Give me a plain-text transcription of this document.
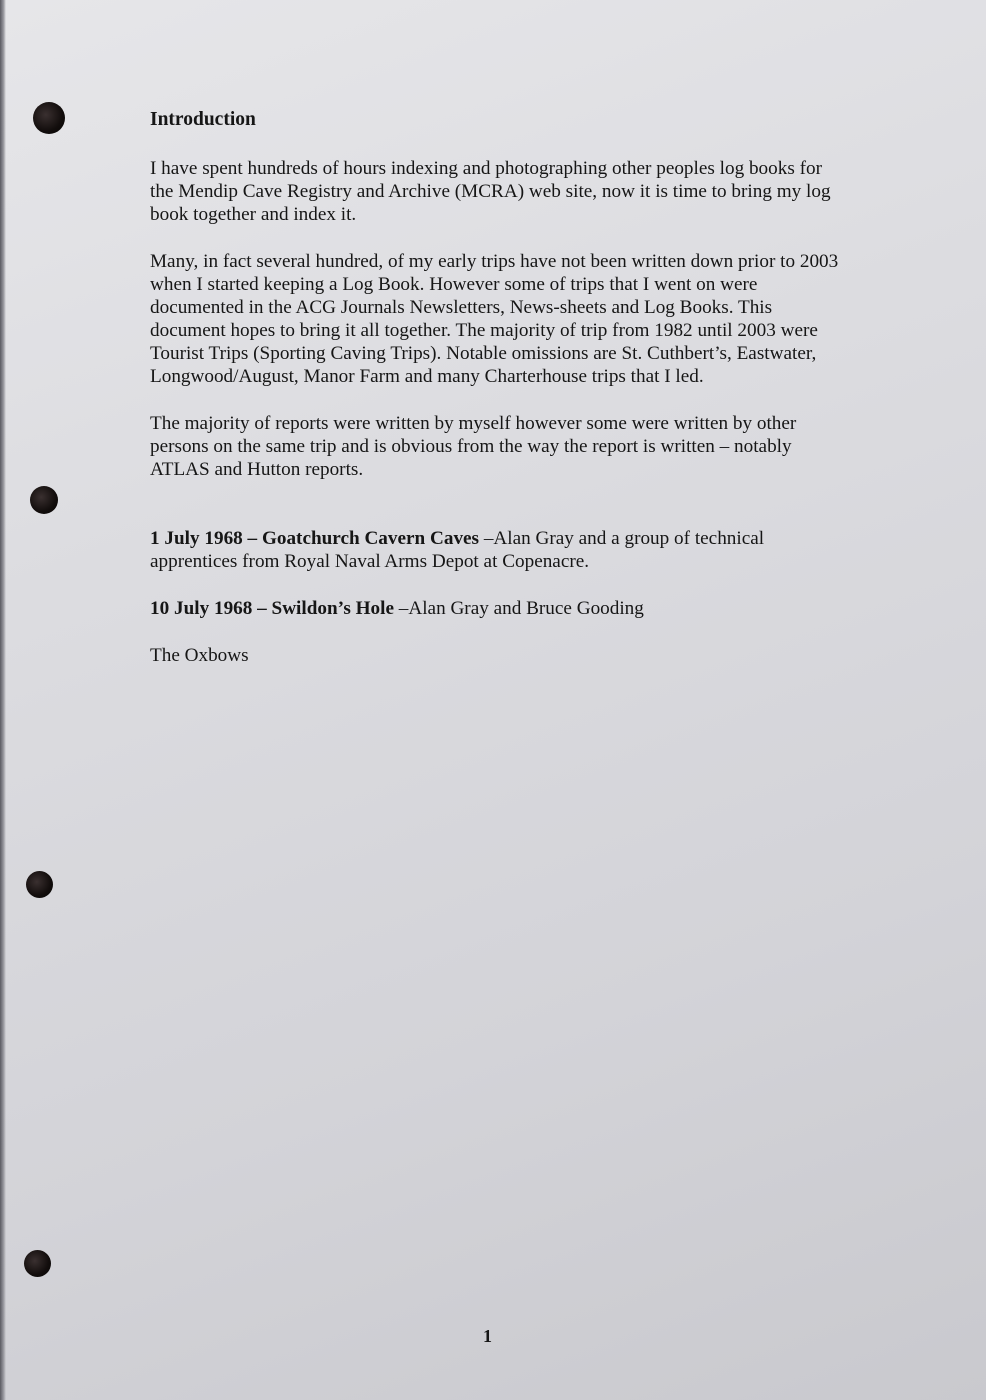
Introduction

I have spent hundreds of hours indexing and photographing other peoples log books for the Mendip Cave Registry and Archive (MCRA) web site, now it is time to bring my log book together and index it.

Many, in fact several hundred, of my early trips have not been written down prior to 2003 when I started keeping a Log Book. However some of trips that I went on were documented in the ACG Journals Newsletters, News-sheets and Log Books. This document hopes to bring it all together. The majority of trip from 1982 until 2003 were Tourist Trips (Sporting Caving Trips). Notable omissions are St. Cuthbert’s, Eastwater, Longwood/August, Manor Farm and many Charterhouse trips that I led.

The majority of reports were written by myself however some were written by other persons on the same trip and is obvious from the way the report is written – notably ATLAS and Hutton reports.

1 July 1968 – Goatchurch Cavern Caves –Alan Gray and a group of technical apprentices from Royal Naval Arms Depot at Copenacre.

10 July 1968 – Swildon’s Hole –Alan Gray and Bruce Gooding

The Oxbows

1
